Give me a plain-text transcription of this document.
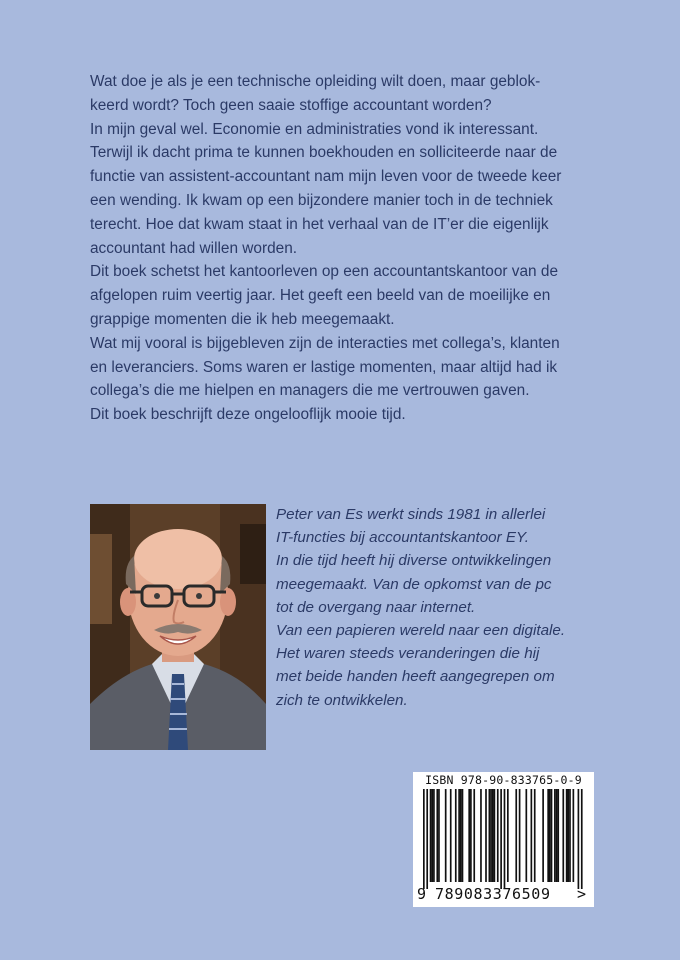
Wat doe je als je een technische opleiding wilt doen, maar geblok-

keerd wordt? Toch geen saaie stoffige accountant worden?

In mijn geval wel. Economie en administraties vond ik interessant.

Terwijl ik dacht prima te kunnen boekhouden en solliciteerde naar de

functie van assistent-accountant nam mijn leven voor de tweede keer

een wending. Ik kwam op een bijzondere manier toch in de techniek

terecht. Hoe dat kwam staat in het verhaal van de IT’er die eigenlijk

accountant had willen worden.

Dit boek schetst het kantoorleven op een accountantskantoor van de

afgelopen ruim veertig jaar. Het geeft een beeld van de moeilijke en

grappige momenten die ik heb meegemaakt.

Wat mij vooral is bijgebleven zijn de interacties met collega’s, klanten

en leveranciers. Soms waren er lastige momenten, maar altijd had ik

collega’s die me hielpen en managers die me vertrouwen gaven.

Dit boek beschrijft deze ongelooflijk mooie tijd.

Peter van Es werkt sinds 1981 in allerlei

IT-functies bij accountantskantoor EY.

In die tijd heeft hij diverse ontwikkelingen

meegemaakt. Van de opkomst van de pc

tot de overgang naar internet.

Van een papieren wereld naar een digitale.

Het waren steeds veranderingen die hij

met beide handen heeft aangegrepen om

zich te ontwikkelen.

ISBN 978-90-833765-0-9
9 789083376509 >
